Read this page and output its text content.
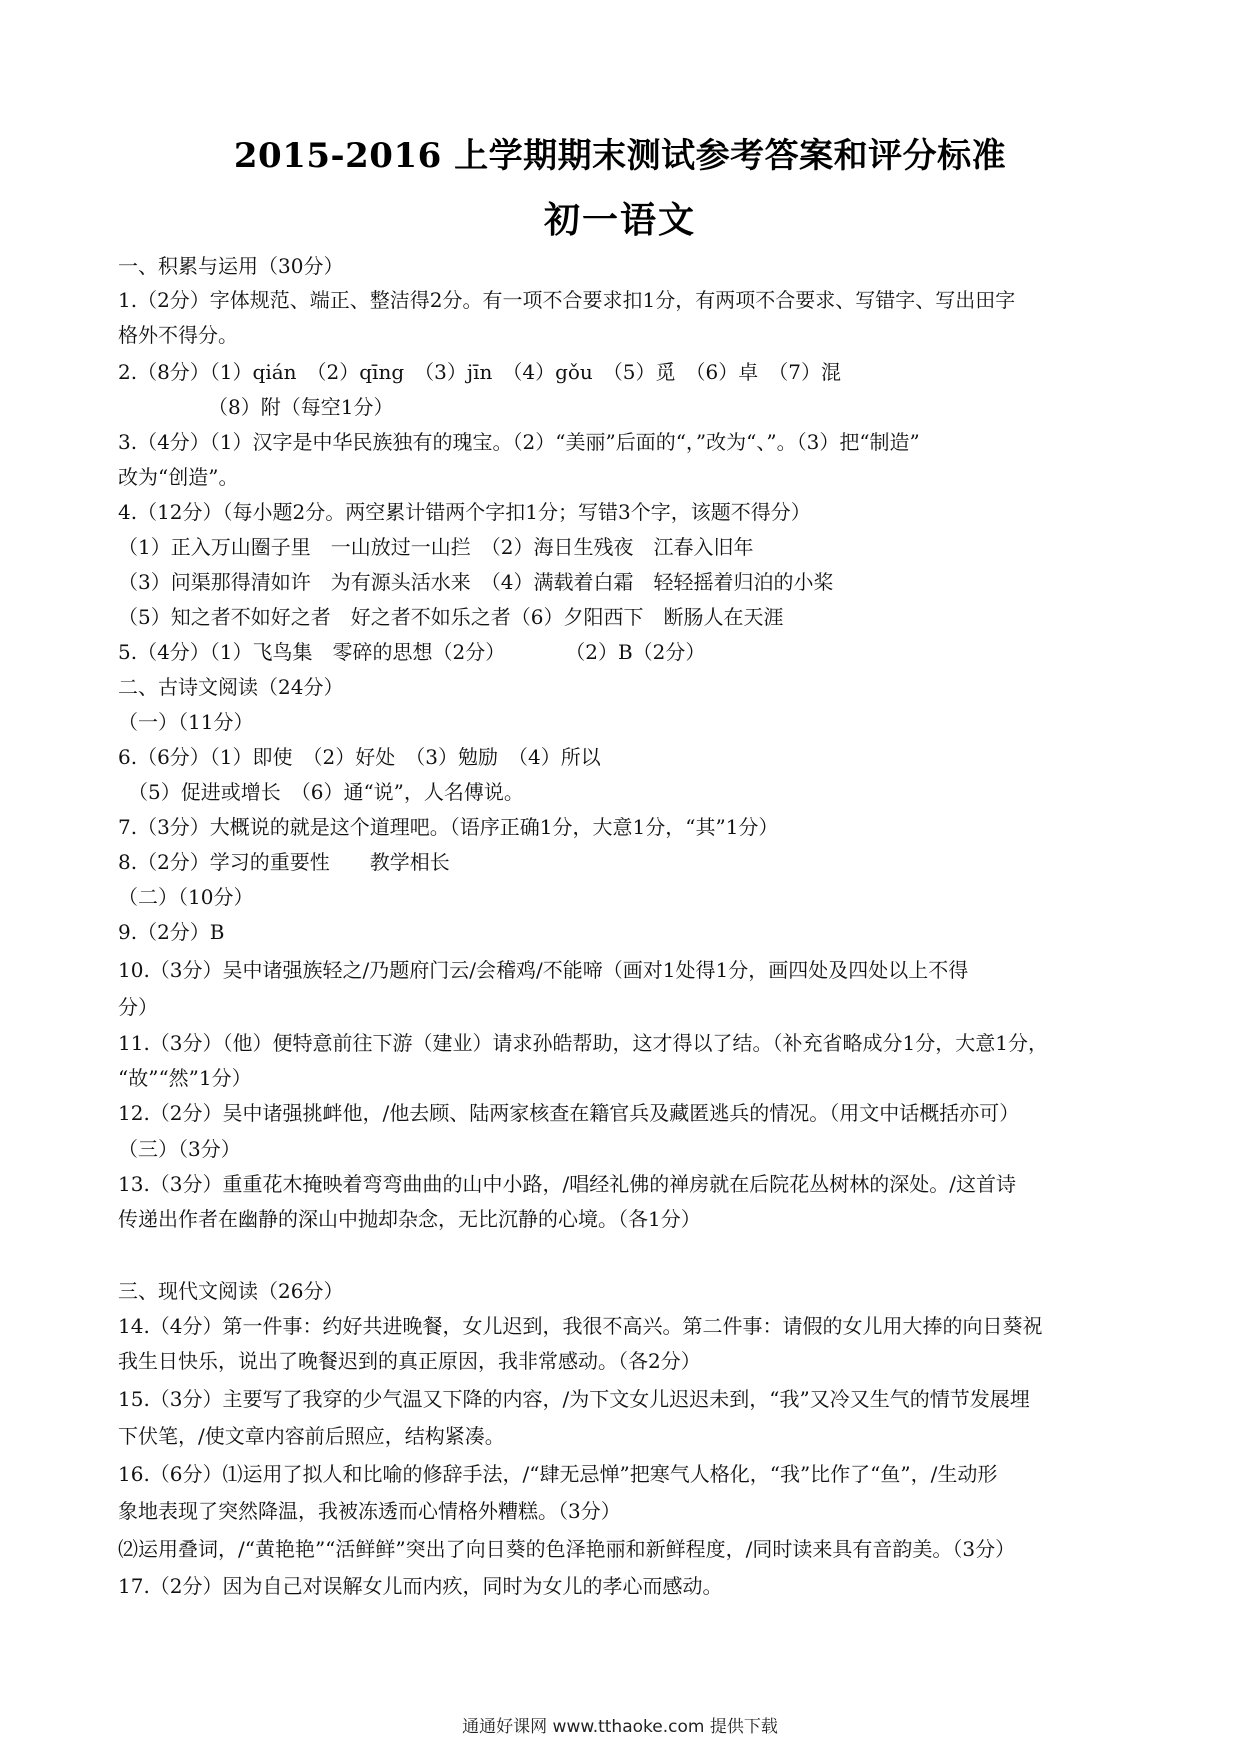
2015-2016 上学期期末测试参考答案和评分标准
初一语文
一、积累与运用（30分）
1.（2分）字体规范、端正、整洁得2分。有一项不合要求扣1分，有两项不合要求、写错字、写出田字
格外不得分。
2.（8分）（1）qián　（2）qīng　（3）jīn　（4）gǒu　（5）觅　（6）卓　（7）混
　　　　　（8）附（每空1分）
3.（4分）（1）汉字是中华民族独有的瑰宝。（2）“美丽”后面的“，”改为“、”。（3）把“制造”
改为“创造”。
4.（12分）（每小题2分。两空累计错两个字扣1分；写错3个字，该题不得分）
（1）正入万山圈子里　一山放过一山拦　（2）海日生残夜　江春入旧年
（3）问渠那得清如许　为有源头活水来　（4）满载着白霜　轻轻摇着归泊的小桨
（5）知之者不如好之者　好之者不如乐之者（6）夕阳西下　断肠人在天涯
5.（4分）（1）飞鸟集　零碎的思想（2分）　　　　（2）B（2分）
二、古诗文阅读（24分）
（一）（11分）
6.（6分）（1）即使　（2）好处　（3）勉励　（4）所以
　（5）促进或增长　（6）通“说”，人名傅说。
7.（3分）大概说的就是这个道理吧。（语序正确1分，大意1分，“其”1分）
8.（2分）学习的重要性　　教学相长
（二）（10分）
9.（2分）B
10.（3分）吴中诸强族轻之/乃题府门云/会稽鸡/不能啼（画对1处得1分，画四处及四处以上不得
分）
11.（3分）（他）便特意前往下游（建业）请求孙皓帮助，这才得以了结。（补充省略成分1分，大意1分，
“故”“然”1分）
12.（2分）吴中诸强挑衅他，/他去顾、陆两家核查在籍官兵及藏匿逃兵的情况。（用文中话概括亦可）
（三）（3分）
13.（3分）重重花木掩映着弯弯曲曲的山中小路，/唱经礼佛的禅房就在后院花丛树林的深处。/这首诗
传递出作者在幽静的深山中抛却杂念，无比沉静的心境。（各1分）
三、现代文阅读（26分）
14.（4分）第一件事：约好共进晚餐，女儿迟到，我很不高兴。第二件事：请假的女儿用大捧的向日葵祝
我生日快乐，说出了晚餐迟到的真正原因，我非常感动。（各2分）
15.（3分）主要写了我穿的少气温又下降的内容，/为下文女儿迟迟未到，“我”又冷又生气的情节发展埋
下伏笔，/使文章内容前后照应，结构紧凑。
16.（6分）⑴运用了拟人和比喻的修辞手法，/“肆无忌惮”把寒气人格化，“我”比作了“鱼”，/生动形
象地表现了突然降温，我被冻透而心情格外糟糕。（3分）
⑵运用叠词，/“黄艳艳”“活鲜鲜”突出了向日葵的色泽艳丽和新鲜程度，/同时读来具有音韵美。（3分）
17.（2分）因为自己对误解女儿而内疚，同时为女儿的孝心而感动。
通通好课网 www.tthaoke.com 提供下载
